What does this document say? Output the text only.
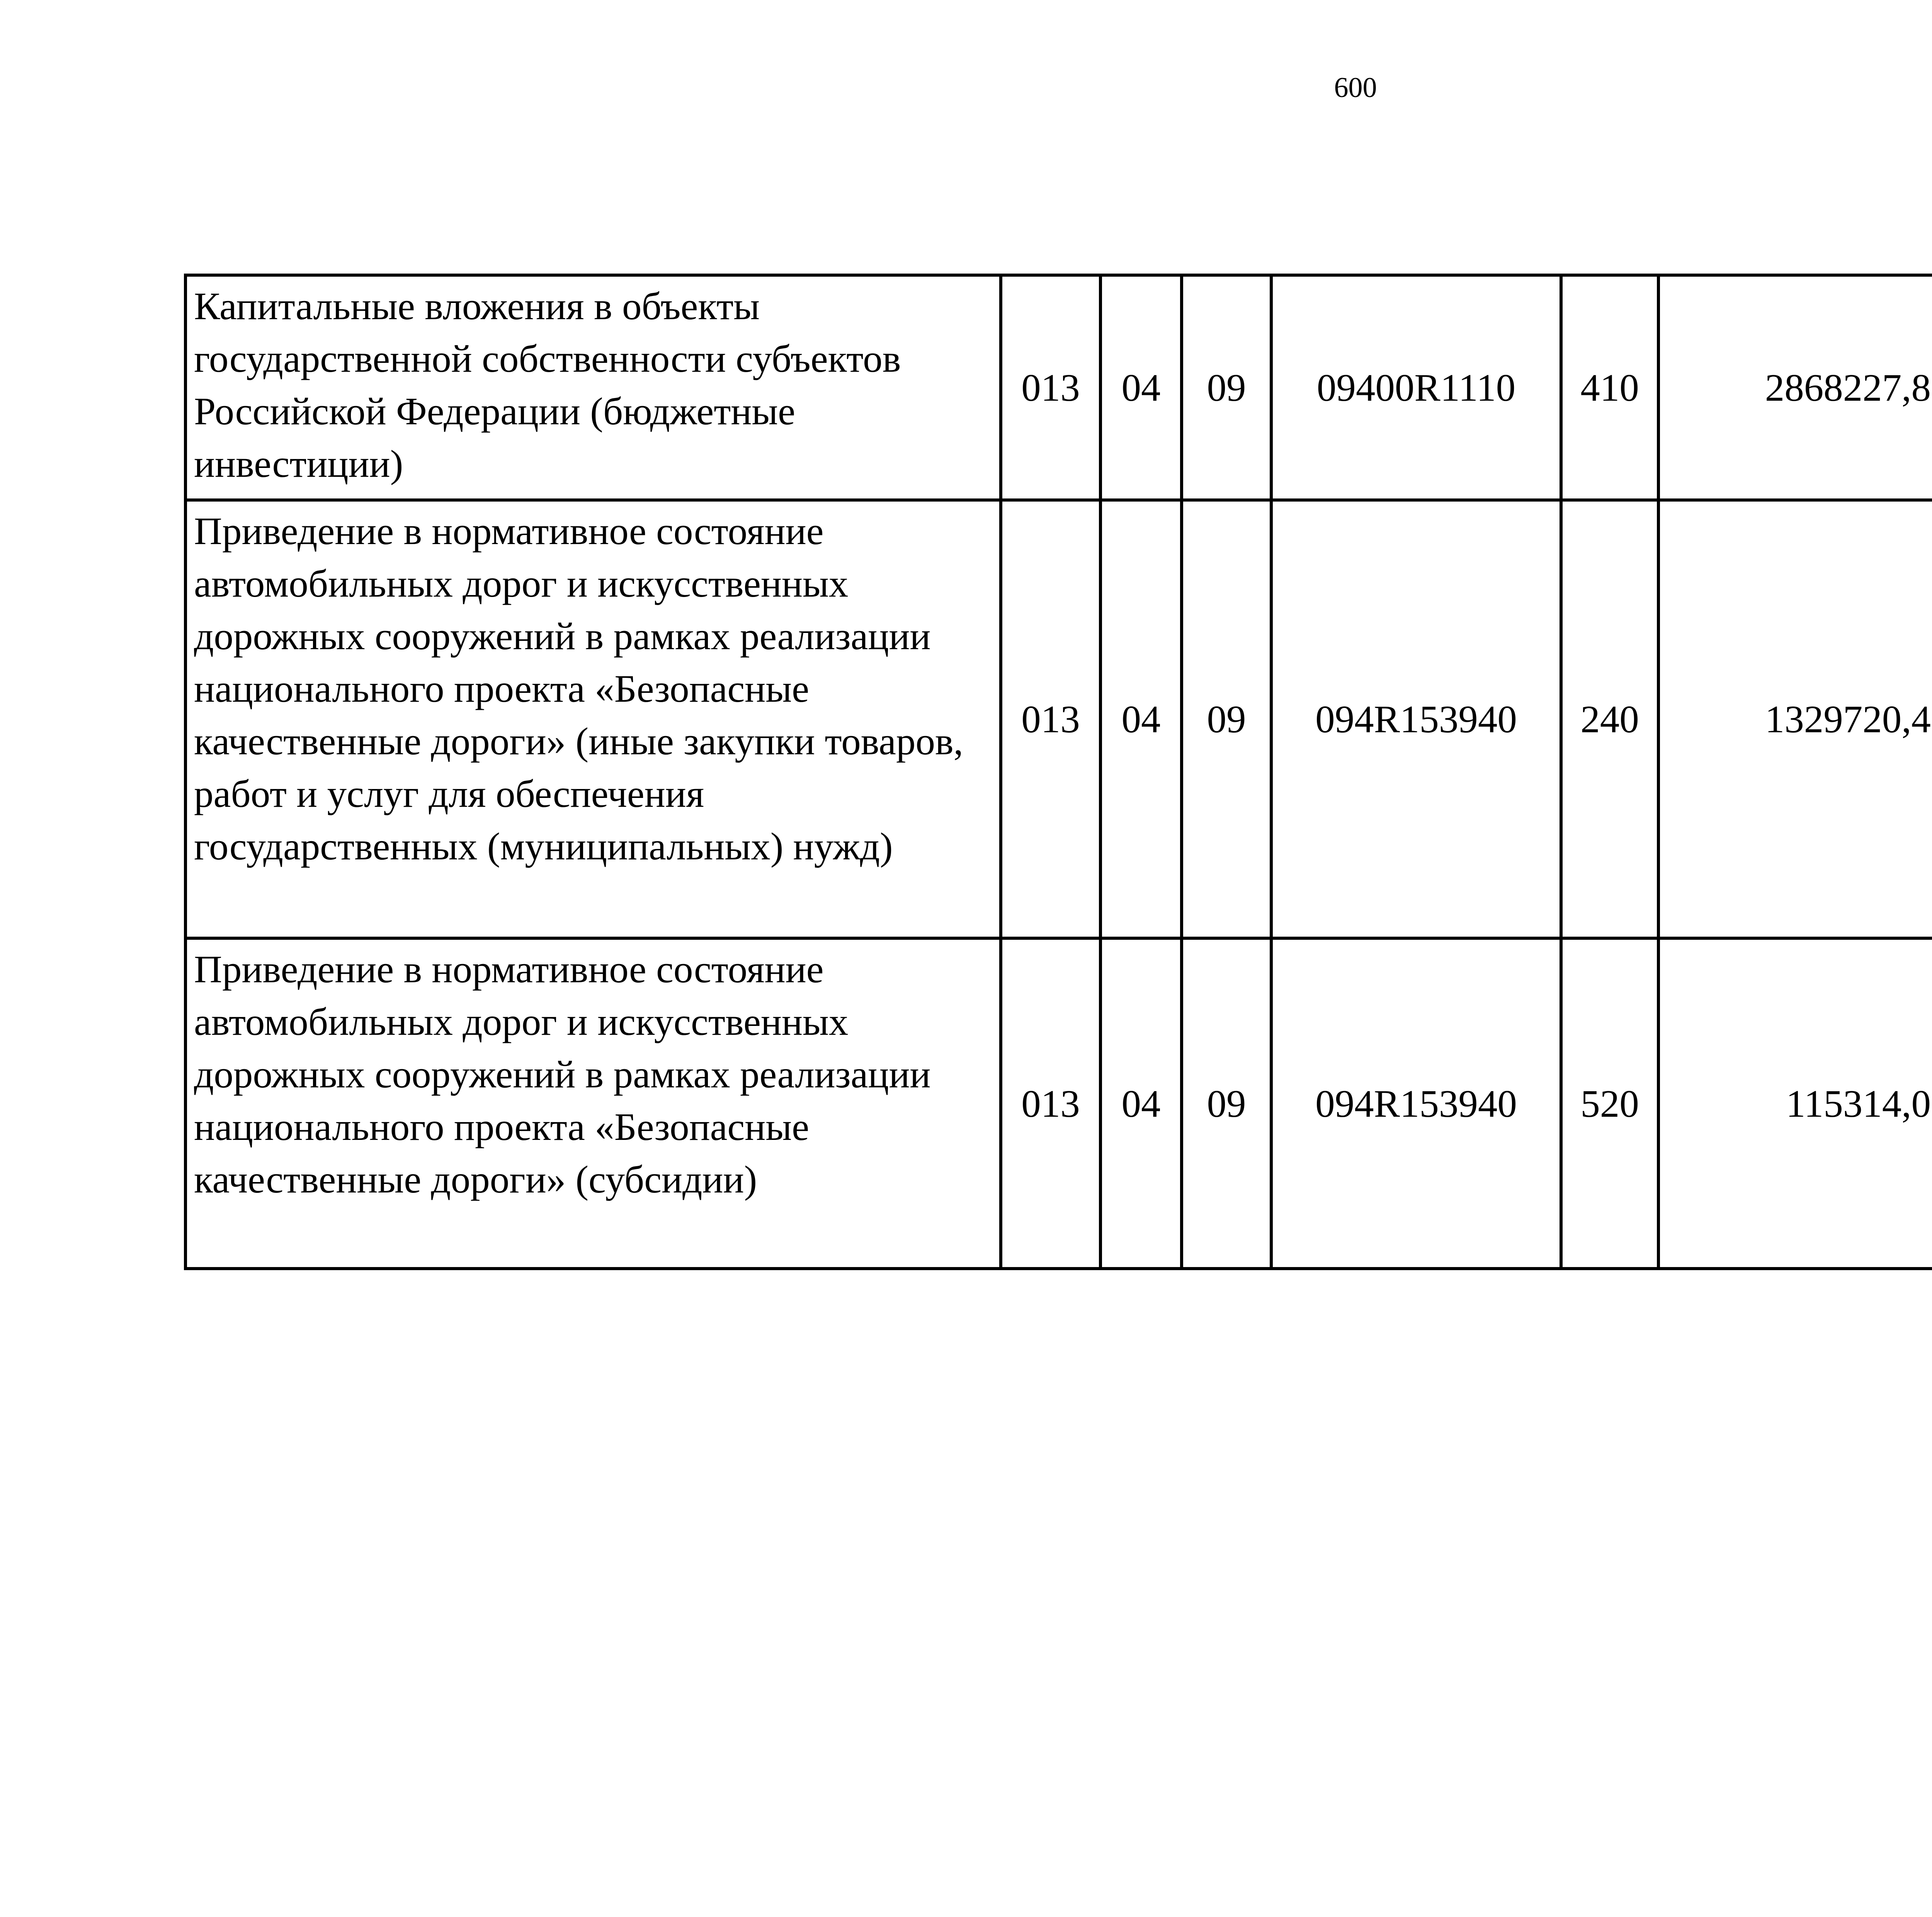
600
Капитальные вложения в объекты государственной собственности субъектов Российской Федерации (бюджетные инвестиции)	013	04	09	09400R1110	410	2868227,8		
Приведение в нормативное состояние автомобильных дорог и искусственных дорожных сооружений в рамках реализации национального проекта «Безопасные качественные дороги» (иные закупки товаров, работ и услуг для обеспечения государственных (муниципальных) нужд)	013	04	09	094R153940	240	1329720,4		
Приведение в нормативное состояние автомобильных дорог и искусственных дорожных сооружений в рамках реализации национального проекта «Безопасные качественные дороги» (субсидии)	013	04	09	094R153940	520	115314,0		
